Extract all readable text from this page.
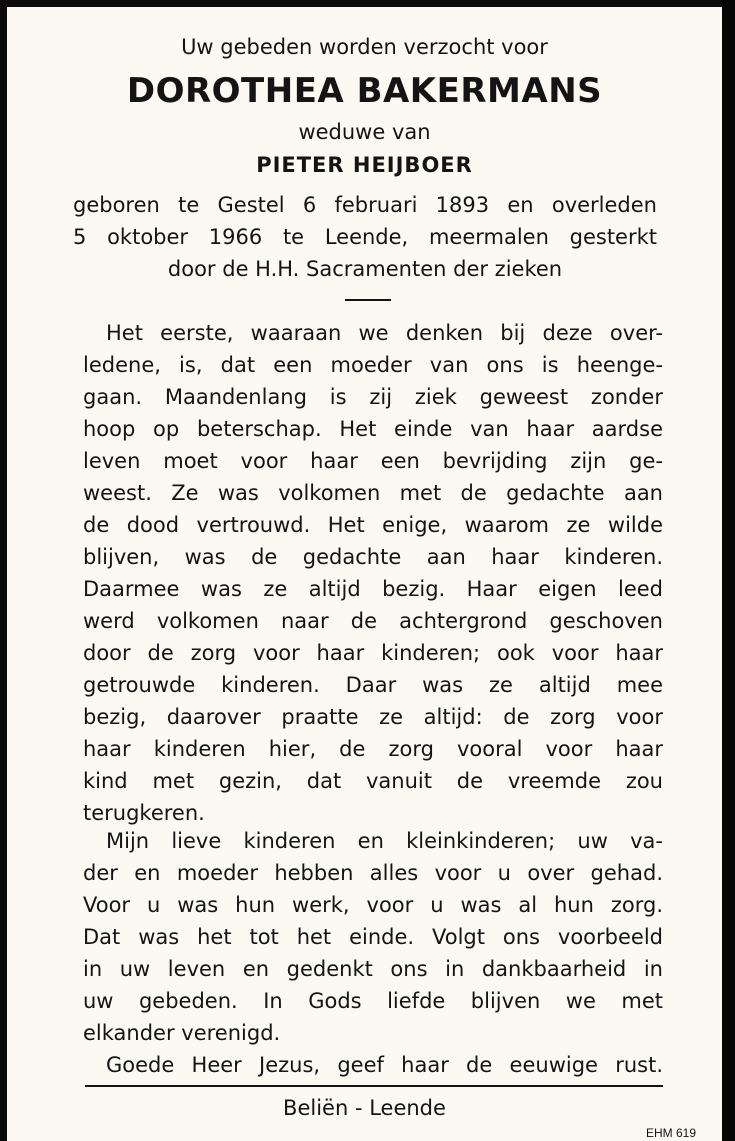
Uw gebeden worden verzocht voor
DOROTHEA BAKERMANS
weduwe van
PIETER HEIJBOER
geboren te Gestel 6 februari 1893 en overleden
5 oktober 1966 te Leende, meermalen gesterkt
door de H.H. Sacramenten der zieken
Het eerste, waaraan we denken bij deze over-
ledene, is, dat een moeder van ons is heenge-
gaan. Maandenlang is zij ziek geweest zonder
hoop op beterschap. Het einde van haar aardse
leven moet voor haar een bevrijding zijn ge-
weest. Ze was volkomen met de gedachte aan
de dood vertrouwd. Het enige, waarom ze wilde
blijven, was de gedachte aan haar kinderen.
Daarmee was ze altijd bezig. Haar eigen leed
werd volkomen naar de achtergrond geschoven
door de zorg voor haar kinderen; ook voor haar
getrouwde kinderen. Daar was ze altijd mee
bezig, daarover praatte ze altijd: de zorg voor
haar kinderen hier, de zorg vooral voor haar
kind met gezin, dat vanuit de vreemde zou
terugkeren.
Mijn lieve kinderen en kleinkinderen; uw va-
der en moeder hebben alles voor u over gehad.
Voor u was hun werk, voor u was al hun zorg.
Dat was het tot het einde. Volgt ons voorbeeld
in uw leven en gedenkt ons in dankbaarheid in
uw gebeden. In Gods liefde blijven we met
elkander verenigd.
Goede Heer Jezus, geef haar de eeuwige rust.
Beliën - Leende
EHM 619
